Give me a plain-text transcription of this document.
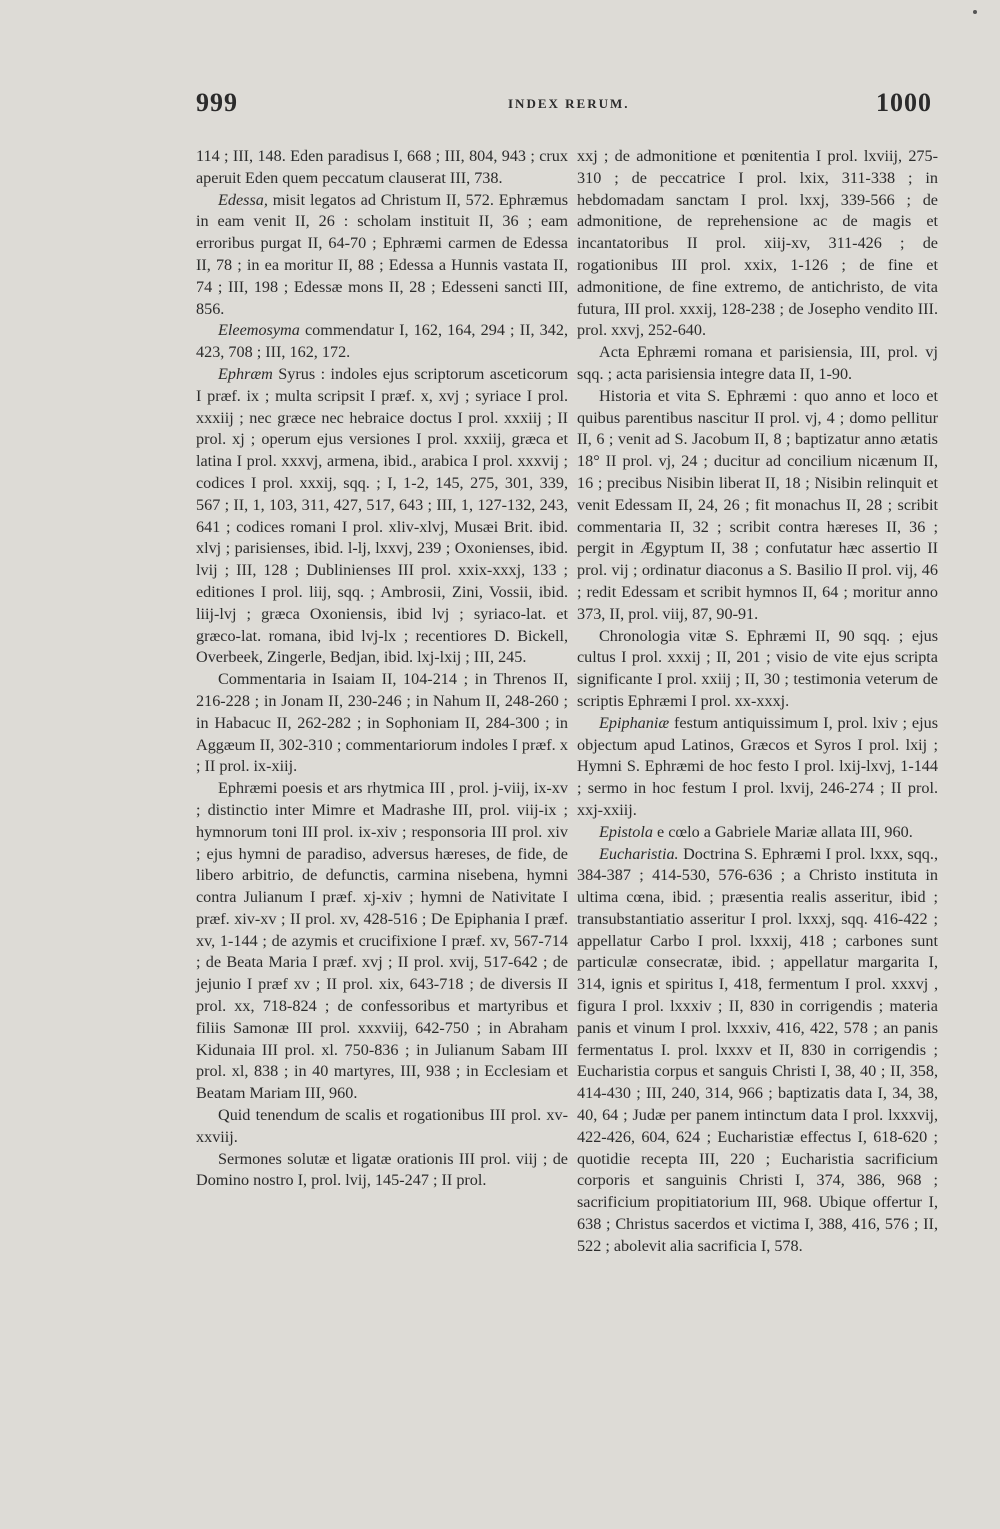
999	INDEX RERUM.	1000

114 ; III, 148. Eden paradisus I, 668 ; III, 804, 943 ; crux aperuit Eden quem peccatum clauserat III, 738.

Edessa, misit legatos ad Christum II, 572. Ephræmus in eam venit II, 26 : scholam instituit II, 36 ; eam erroribus purgat II, 64-70 ; Ephræmi carmen de Edessa II, 78 ; in ea moritur II, 88 ; Edessa a Hunnis vastata II, 74 ; III, 198 ; Edessæ mons II, 28 ; Edesseni sancti III, 856.

Eleemosyma commendatur I, 162, 164, 294 ; II, 342, 423, 708 ; III, 162, 172.

Ephræm Syrus : indoles ejus scriptorum asceticorum I præf. ix ; multa scripsit I præf. x, xvj ; syriace I prol. xxxiij ; nec græce nec hebraice doctus I prol. xxxiij ; II prol. xj ; operum ejus versiones I prol. xxxiij, græca et latina I prol. xxxvj, armena, ibid., arabica I prol. xxxvij ; codices I prol. xxxij, sqq. ; I, 1-2, 145, 275, 301, 339, 567 ; II, 1, 103, 311, 427, 517, 643 ; III, 1, 127-132, 243, 641 ; codices romani I prol. xliv-xlvj, Musæi Brit. ibid. xlvj ; parisienses, ibid. l-lj, lxxvj, 239 ; Oxonienses, ibid. lvij ; III, 128 ; Dublinienses III prol. xxix-xxxj, 133 ; editiones I prol. liij, sqq. ; Ambrosii, Zini, Vossii, ibid. liij-lvj ; græca Oxoniensis, ibid lvj ; syriaco-lat. et græco-lat. romana, ibid lvj-lx ; recentiores D. Bickell, Overbeek, Zingerle, Bedjan, ibid. lxj-lxij ; III, 245.

Commentaria in Isaiam II, 104-214 ; in Threnos II, 216-228 ; in Jonam II, 230-246 ; in Nahum II, 248-260 ; in Habacuc II, 262-282 ; in Sophoniam II, 284-300 ; in Aggæum II, 302-310 ; commentariorum indoles I præf. x ; II prol. ix-xiij.

Ephræmi poesis et ars rhytmica III , prol. j-viij, ix-xv ; distinctio inter Mimre et Madrashe III, prol. viij-ix ; hymnorum toni III prol. ix-xiv ; responsoria III prol. xiv ; ejus hymni de paradiso, adversus hæreses, de fide, de libero arbitrio, de defunctis, carmina nisebena, hymni contra Julianum I præf. xj-xiv ; hymni de Nativitate I præf. xiv-xv ; II prol. xv, 428-516 ; De Epiphania I præf. xv, 1-144 ; de azymis et crucifixione I præf. xv, 567-714 ; de Beata Maria I præf. xvj ; II prol. xvij, 517-642 ; de jejunio I præf xv ; II prol. xix, 643-718 ; de diversis II prol. xx, 718-824 ; de confessoribus et martyribus et filiis Samonæ III prol. xxxviij, 642-750 ; in Abraham Kidunaia III prol. xl. 750-836 ; in Julianum Sabam III prol. xl, 838 ; in 40 martyres, III, 938 ; in Ecclesiam et Beatam Mariam III, 960.

Quid tenendum de scalis et rogationibus III prol. xv-xxviij.

Sermones solutæ et ligatæ orationis III prol. viij ; de Domino nostro I, prol. lvij, 145-247 ; II prol.

xxj ; de admonitione et pœnitentia I prol. lxviij, 275-310 ; de peccatrice I prol. lxix, 311-338 ; in hebdomadam sanctam I prol. lxxj, 339-566 ; de admonitione, de reprehensione ac de magis et incantatoribus II prol. xiij-xv, 311-426 ; de rogationibus III prol. xxix, 1-126 ; de fine et admonitione, de fine extremo, de antichristo, de vita futura, III prol. xxxij, 128-238 ; de Josepho vendito III. prol. xxvj, 252-640.

Acta Ephræmi romana et parisiensia, III, prol. vj sqq. ; acta parisiensia integre data II, 1-90.

Historia et vita S. Ephræmi : quo anno et loco et quibus parentibus nascitur II prol. vj, 4 ; domo pellitur II, 6 ; venit ad S. Jacobum II, 8 ; baptizatur anno ætatis 18° II prol. vj, 24 ; ducitur ad concilium nicænum II, 16 ; precibus Nisibin liberat II, 18 ; Nisibin relinquit et venit Edessam II, 24, 26 ; fit monachus II, 28 ; scribit commentaria II, 32 ; scribit contra hæreses II, 36 ; pergit in Ægyptum II, 38 ; confutatur hæc assertio II prol. vij ; ordinatur diaconus a S. Basilio II prol. vij, 46 ; redit Edessam et scribit hymnos II, 64 ; moritur anno 373, II, prol. viij, 87, 90-91.

Chronologia vitæ S. Ephræmi II, 90 sqq. ; ejus cultus I prol. xxxij ; II, 201 ; visio de vite ejus scripta significante I prol. xxiij ; II, 30 ; testimonia veterum de scriptis Ephræmi I prol. xx-xxxj.

Epiphaniæ festum antiquissimum I, prol. lxiv ; ejus objectum apud Latinos, Græcos et Syros I prol. lxij ; Hymni S. Ephræmi de hoc festo I prol. lxij-lxvj, 1-144 ; sermo in hoc festum I prol. lxvij, 246-274 ; II prol. xxj-xxiij.

Epistola e cœlo a Gabriele Mariæ allata III, 960.

Eucharistia. Doctrina S. Ephræmi I prol. lxxx, sqq., 384-387 ; 414-530, 576-636 ; a Christo instituta in ultima cœna, ibid. ; præsentia realis asseritur, ibid ; transubstantiatio asseritur I prol. lxxxj, sqq. 416-422 ; appellatur Carbo I prol. lxxxij, 418 ; carbones sunt particulæ consecratæ, ibid. ; appellatur margarita I, 314, ignis et spiritus I, 418, fermentum I prol. xxxvj , figura I prol. lxxxiv ; II, 830 in corrigendis ; materia panis et vinum I prol. lxxxiv, 416, 422, 578 ; an panis fermentatus I. prol. lxxxv et II, 830 in corrigendis ; Eucharistia corpus et sanguis Christi I, 38, 40 ; II, 358, 414-430 ; III, 240, 314, 966 ; baptizatis data I, 34, 38, 40, 64 ; Judæ per panem intinctum data I prol. lxxxvij, 422-426, 604, 624 ; Eucharistiæ effectus I, 618-620 ; quotidie recepta III, 220 ; Eucharistia sacrificium corporis et sanguinis Christi I, 374, 386, 968 ; sacrificium propitiatorium III, 968. Ubique offertur I, 638 ; Christus sacerdos et victima I, 388, 416, 576 ; II, 522 ; abolevit alia sacrificia I, 578.
